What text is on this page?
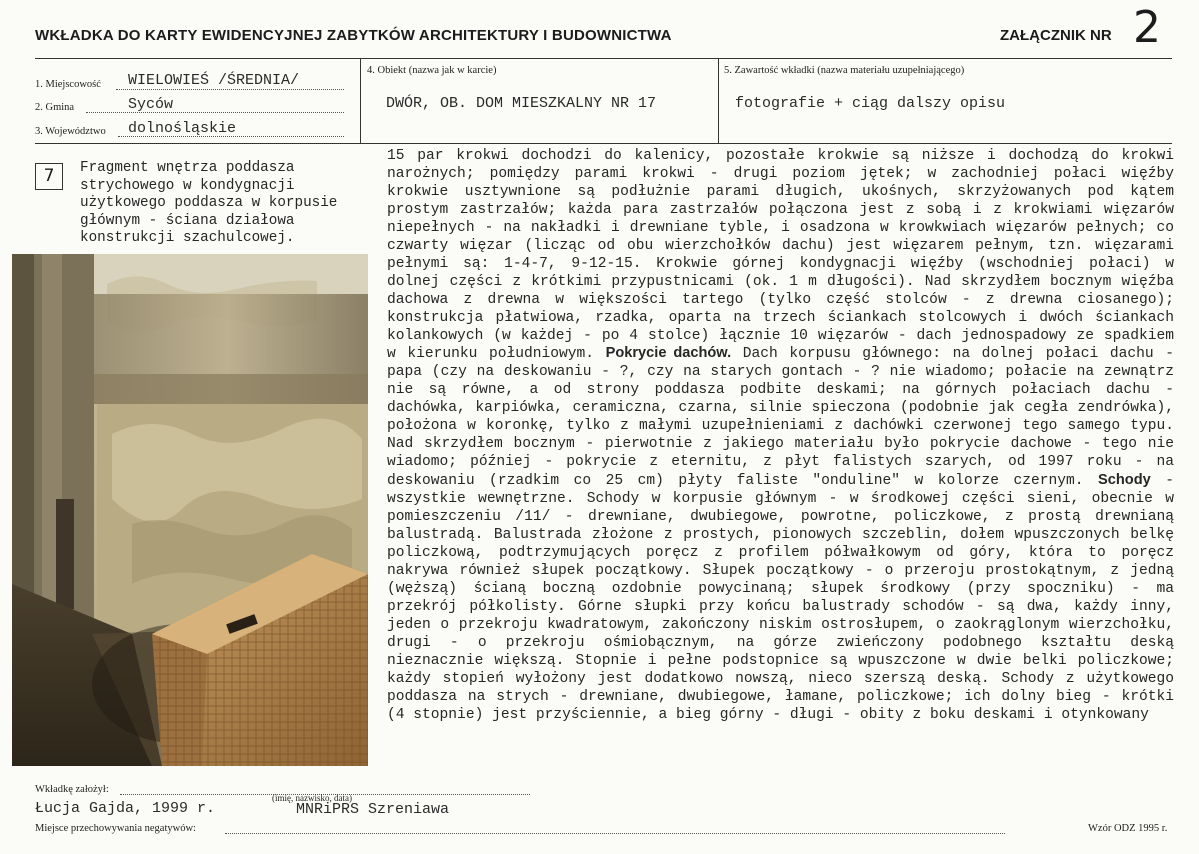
WKŁADKA DO KARTY EWIDENCYJNEJ ZABYTKÓW ARCHITEKTURY I BUDOWNICTWA	ZAŁĄCZNIK NR 2
1. Miejscowość WIELOWIEŚ /ŚREDNIA/
2. Gmina	Syców
3. Województwo dolnośląskie
4. Obiekt (nazwa jak w karcie)
DWÓR, OB. DOM MIESZKALNY NR 17
5. Zawartość wkładki (nazwa materiału uzupełniającego)
fotografie + ciąg dalszy opisu
7	Fragment wnętrza poddasza strychowego w kondygnacji użytkowego poddasza w korpusie głównym - ściana działowa konstrukcji szachulcowej.

15 par krokwi dochodzi do kalenicy, pozostałe krokwie są niższe i dochodzą do krokwi narożnych; pomiędzy parami krokwi - drugi poziom jętek; w zachodniej połaci więźby krokwie usztywnione są podłużnie parami długich, ukośnych, skrzyżowanych pod kątem prostym zastrzałów; każda para zastrzałów połączona jest z sobą i z krokwiami więzarów niepełnych - na nakładki i drewniane tyble, i osadzona w krowkwiach więzarów pełnych; co czwarty więzar (licząc od obu wierzchołków dachu) jest więzarem pełnym, tzn. więzarami pełnymi są: 1-4-7, 9-12-15. Krokwie górnej kondygnacji więźby (wschodniej połaci) w dolnej części z krótkimi przypustnicami (ok. 1 m długości). Nad skrzydłem bocznym więźba dachowa z drewna w większości tartego (tylko część stolców - z drewna ciosanego); konstrukcja płatwiowa, rzadka, oparta na trzech ściankach stolcowych i dwóch ściankach kolankowych (w każdej - po 4 stolce) łącznie 10 więzarów - dach jednospadowy ze spadkiem w kierunku południowym. Pokrycie dachów. Dach korpusu głównego: na dolnej połaci dachu - papa (czy na deskowaniu - ?, czy na starych gontach - ? nie wiadomo; połacie na zewnątrz nie są równe, a od strony poddasza podbite deskami; na górnych połaciach dachu - dachówka, karpiówka, ceramiczna, czarna, silnie spieczona (podobnie jak cegła zendrówka), położona w koronkę, tylko z małymi uzupełnieniami z dachówki czerwonej tego samego typu. Nad skrzydłem bocznym - pierwotnie z jakiego materiału było pokrycie dachowe - tego nie wiadomo; później - pokrycie z eternitu, z płyt falistych szarych, od 1997 roku - na deskowaniu (rzadkim co 25 cm) płyty faliste "onduline" w kolorze czernym. Schody - wszystkie wewnętrzne. Schody w korpusie głównym - w środkowej części sieni, obecnie w pomieszczeniu /11/ - drewniane, dwubiegowe, powrotne, policzkowe, z prostą drewnianą balustradą. Balustrada złożone z prostych, pionowych szczeblin, dołem wpuszczonych belkę policzkową, podtrzymujących poręcz z profilem półwałkowym od góry, która to poręcz nakrywa również słupek początkowy. Słupek początkowy - o przeroju prostokątnym, z jedną (węższą) ścianą boczną ozdobnie powycinaną; słupek środkowy (przy spoczniku) - ma przekrój półkolisty. Górne słupki przy końcu balustrady schodów - są dwa, każdy inny, jeden o przekroju kwadratowym, zakończony niskim ostrosłupem, o zaokrąglonym wierzchołku, drugi - o przekroju ośmiobącznym, na górze zwieńczony podobnego kształtu deską nieznacznie większą. Stopnie i pełne podstopnice są wpuszczone w dwie belki policzkowe; każdy stopień wyłożony jest dodatkowo nowszą, nieco szerszą deską. Schody z użytkowego poddasza na strych - drewniane, dwubiegowe, łamane, policzkowe; ich dolny bieg - krótki (4 stopnie) jest przyściennie, a bieg górny - długi - obity z boku deskami i otynkowany

Wkładkę założył:
Łucja Gajda, 1999 r.
(imię, nazwisko, data)
MNRiPRS Szreniawa
Miejsce przechowywania negatywów:	Wzór ODZ 1995 r.
